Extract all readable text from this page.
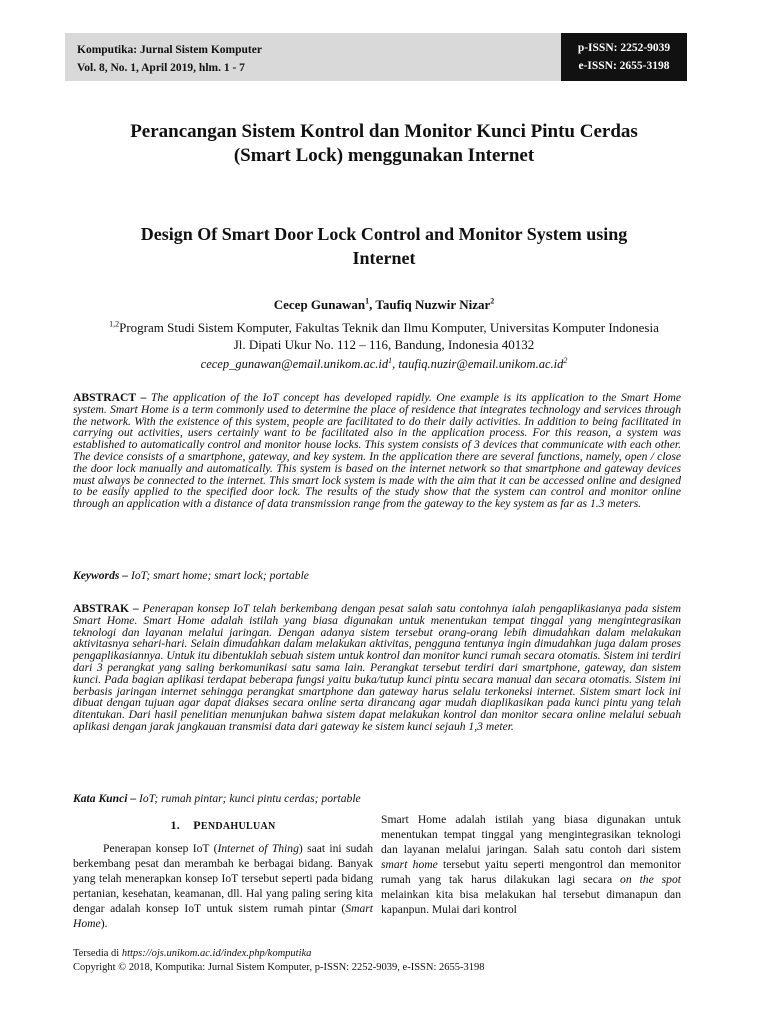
Komputika: Jurnal Sistem Komputer
Vol. 8, No. 1, April 2019, hlm. 1 - 7
p-ISSN: 2252-9039
e-ISSN: 2655-3198
Perancangan Sistem Kontrol dan Monitor Kunci Pintu Cerdas
(Smart Lock) menggunakan Internet
Design Of Smart Door Lock Control and Monitor System using
Internet
Cecep Gunawan$^1$, Taufiq Nuzwir Nizar$^2$
$^{1,2}$Program Studi Sistem Komputer, Fakultas Teknik dan Ilmu Komputer, Universitas Komputer Indonesia
Jl. Dipati Ukur No. 112 – 116, Bandung, Indonesia 40132
$cecep\_gunawan@email.unikom.ac.id^1$, $taufiq.nuzir@email.unikom.ac.id^2$
ABSTRACT – The application of the IoT concept has developed rapidly. One example is its application to the Smart Home system. Smart Home is a term commonly used to determine the place of residence that integrates technology and services through the network. With the existence of this system, people are facilitated to do their daily activities. In addition to being facilitated in carrying out activities, users certainly want to be facilitated also in the application process. For this reason, a system was established to automatically control and monitor house locks. This system consists of 3 devices that communicate with each other. The device consists of a smartphone, gateway, and key system. In the application there are several functions, namely, open / close the door lock manually and automatically. This system is based on the internet network so that smartphone and gateway devices must always be connected to the internet. This smart lock system is made with the aim that it can be accessed online and designed to be easily applied to the specified door lock. The results of the study show that the system can control and monitor online through an application with a distance of data transmission range from the gateway to the key system as far as 1.3 meters.
Keywords – IoT; smart home; smart lock; portable
ABSTRAK – Penerapan konsep IoT telah berkembang dengan pesat salah satu contohnya ialah pengaplikasianya pada sistem Smart Home. Smart Home adalah istilah yang biasa digunakan untuk menentukan tempat tinggal yang mengintegrasikan teknologi dan layanan melalui jaringan. Dengan adanya sistem tersebut orang-orang lebih dimudahkan dalam melakukan aktivitasnya sehari-hari. Selain dimudahkan dalam melakukan aktivitas, pengguna tentunya ingin dimudahkan juga dalam proses pengaplikasiannya. Untuk itu dibentuklah sebuah sistem untuk kontrol dan monitor kunci rumah secara otomatis. Sistem ini terdiri dari 3 perangkat yang saling berkomunikasi satu sama lain. Perangkat tersebut terdiri dari smartphone, gateway, dan sistem kunci. Pada bagian aplikasi terdapat beberapa fungsi yaitu buka/tutup kunci pintu secara manual dan secara otomatis. Sistem ini berbasis jaringan internet sehingga perangkat smartphone dan gateway harus selalu terkoneksi internet. Sistem smart lock ini dibuat dengan tujuan agar dapat diakses secara online serta dirancang agar mudah diaplikasikan pada kunci pintu yang telah ditentukan. Dari hasil penelitian menunjukan bahwa sistem dapat melakukan kontrol dan monitor secara online melalui sebuah aplikasi dengan jarak jangkauan transmisi data dari gateway ke sistem kunci sejauh 1,3 meter.
Kata Kunci – IoT; rumah pintar; kunci pintu cerdas; portable
1. PENDAHULUAN
Penerapan konsep IoT (Internet of Thing) saat ini sudah berkembang pesat dan merambah ke berbagai bidang. Banyak yang telah menerapkan konsep IoT tersebut seperti pada bidang pertanian, kesehatan, keamanan, dll. Hal yang paling sering kita dengar adalah konsep IoT untuk sistem rumah pintar (Smart Home).
Smart Home adalah istilah yang biasa digunakan untuk menentukan tempat tinggal yang mengintegrasikan teknologi dan layanan melalui jaringan. Salah satu contoh dari sistem smart home tersebut yaitu seperti mengontrol dan memonitor rumah yang tak harus dilakukan lagi secara on the spot melainkan kita bisa melakukan hal tersebut dimanapun dan kapanpun. Mulai dari kontrol
Tersedia di https://ojs.unikom.ac.id/index.php/komputika
Copyright © 2018, Komputika: Jurnal Sistem Komputer, p-ISSN: 2252-9039, e-ISSN: 2655-3198
